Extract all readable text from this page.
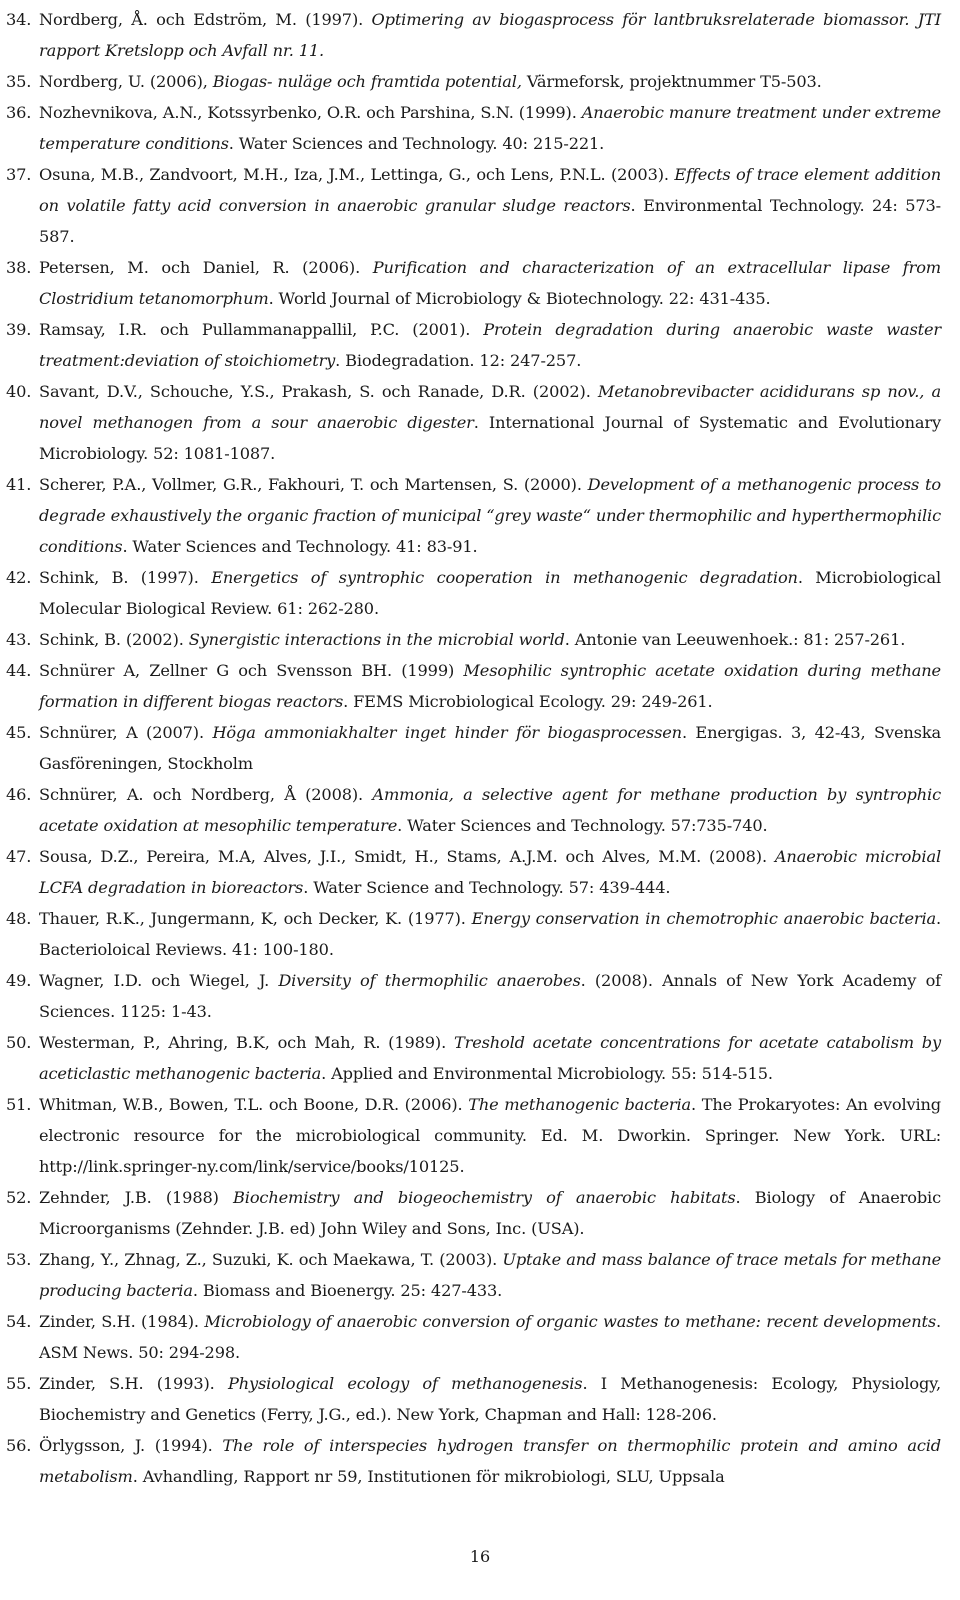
34. Nordberg, Å. och Edström, M. (1997). Optimering av biogasprocess för lantbruksrelaterade biomassor. JTI rapport Kretslopp och Avfall nr. 11.
35. Nordberg, U. (2006), Biogas- nuläge och framtida potential, Värmeforsk, projektnummer T5-503.
36. Nozhevnikova, A.N., Kotssyrbenko, O.R. och Parshina, S.N. (1999). Anaerobic manure treatment under extreme temperature conditions. Water Sciences and Technology. 40: 215-221.
37. Osuna, M.B., Zandvoort, M.H., Iza, J.M., Lettinga, G., och Lens, P.N.L. (2003). Effects of trace element addition on volatile fatty acid conversion in anaerobic granular sludge reactors. Environmental Technology. 24: 573-587.
38. Petersen, M. och Daniel, R. (2006). Purification and characterization of an extracellular lipase from Clostridium tetanomorphum. World Journal of Microbiology & Biotechnology. 22: 431-435.
39. Ramsay, I.R. och Pullammanappallil, P.C. (2001). Protein degradation during anaerobic waste waster treatment:deviation of stoichiometry. Biodegradation. 12: 247-257.
40. Savant, D.V., Schouche, Y.S., Prakash, S. och Ranade, D.R. (2002). Metanobrevibacter acididurans sp nov., a novel methanogen from a sour anaerobic digester. International Journal of Systematic and Evolutionary Microbiology. 52: 1081-1087.
41. Scherer, P.A., Vollmer, G.R., Fakhouri, T. och Martensen, S. (2000). Development of a methanogenic process to degrade exhaustively the organic fraction of municipal “grey waste“ under thermophilic and hyperthermophilic conditions. Water Sciences and Technology. 41: 83-91.
42. Schink, B. (1997). Energetics of syntrophic cooperation in methanogenic degradation. Microbiological Molecular Biological Review. 61: 262-280.
43. Schink, B. (2002). Synergistic interactions in the microbial world. Antonie van Leeuwenhoek.: 81: 257-261.
44. Schnürer A, Zellner G och Svensson BH. (1999) Mesophilic syntrophic acetate oxidation during methane formation in different biogas reactors. FEMS Microbiological Ecology. 29: 249-261.
45. Schnürer, A (2007). Höga ammoniakhalter inget hinder för biogasprocessen. Energigas. 3, 42-43, Svenska Gasföreningen, Stockholm
46. Schnürer, A. och Nordberg, Å (2008). Ammonia, a selective agent for methane production by syntrophic acetate oxidation at mesophilic temperature. Water Sciences and Technology. 57:735-740.
47. Sousa, D.Z., Pereira, M.A, Alves, J.I., Smidt, H., Stams, A.J.M. och Alves, M.M. (2008). Anaerobic microbial LCFA degradation in bioreactors. Water Science and Technology. 57: 439-444.
48. Thauer, R.K., Jungermann, K, och Decker, K. (1977). Energy conservation in chemotrophic anaerobic bacteria. Bacterioloical Reviews. 41: 100-180.
49. Wagner, I.D. och Wiegel, J. Diversity of thermophilic anaerobes. (2008). Annals of New York Academy of Sciences. 1125: 1-43.
50. Westerman, P., Ahring, B.K, och Mah, R. (1989). Treshold acetate concentrations for acetate catabolism by aceticlastic methanogenic bacteria. Applied and Environmental Microbiology. 55: 514-515.
51. Whitman, W.B., Bowen, T.L. och Boone, D.R. (2006). The methanogenic bacteria. The Prokaryotes: An evolving electronic resource for the microbiological community. Ed. M. Dworkin. Springer. New York. URL: http://link.springer-ny.com/link/service/books/10125.
52. Zehnder, J.B. (1988) Biochemistry and biogeochemistry of anaerobic habitats. Biology of Anaerobic Microorganisms (Zehnder. J.B. ed) John Wiley and Sons, Inc. (USA).
53. Zhang, Y., Zhnag, Z., Suzuki, K. och Maekawa, T. (2003). Uptake and mass balance of trace metals for methane producing bacteria. Biomass and Bioenergy. 25: 427-433.
54. Zinder, S.H. (1984). Microbiology of anaerobic conversion of organic wastes to methane: recent developments. ASM News. 50: 294-298.
55. Zinder, S.H. (1993). Physiological ecology of methanogenesis. I Methanogenesis: Ecology, Physiology, Biochemistry and Genetics (Ferry, J.G., ed.). New York, Chapman and Hall: 128-206.
56. Örlygsson, J. (1994). The role of interspecies hydrogen transfer on thermophilic protein and amino acid metabolism. Avhandling, Rapport nr 59, Institutionen för mikrobiologi, SLU, Uppsala
16
